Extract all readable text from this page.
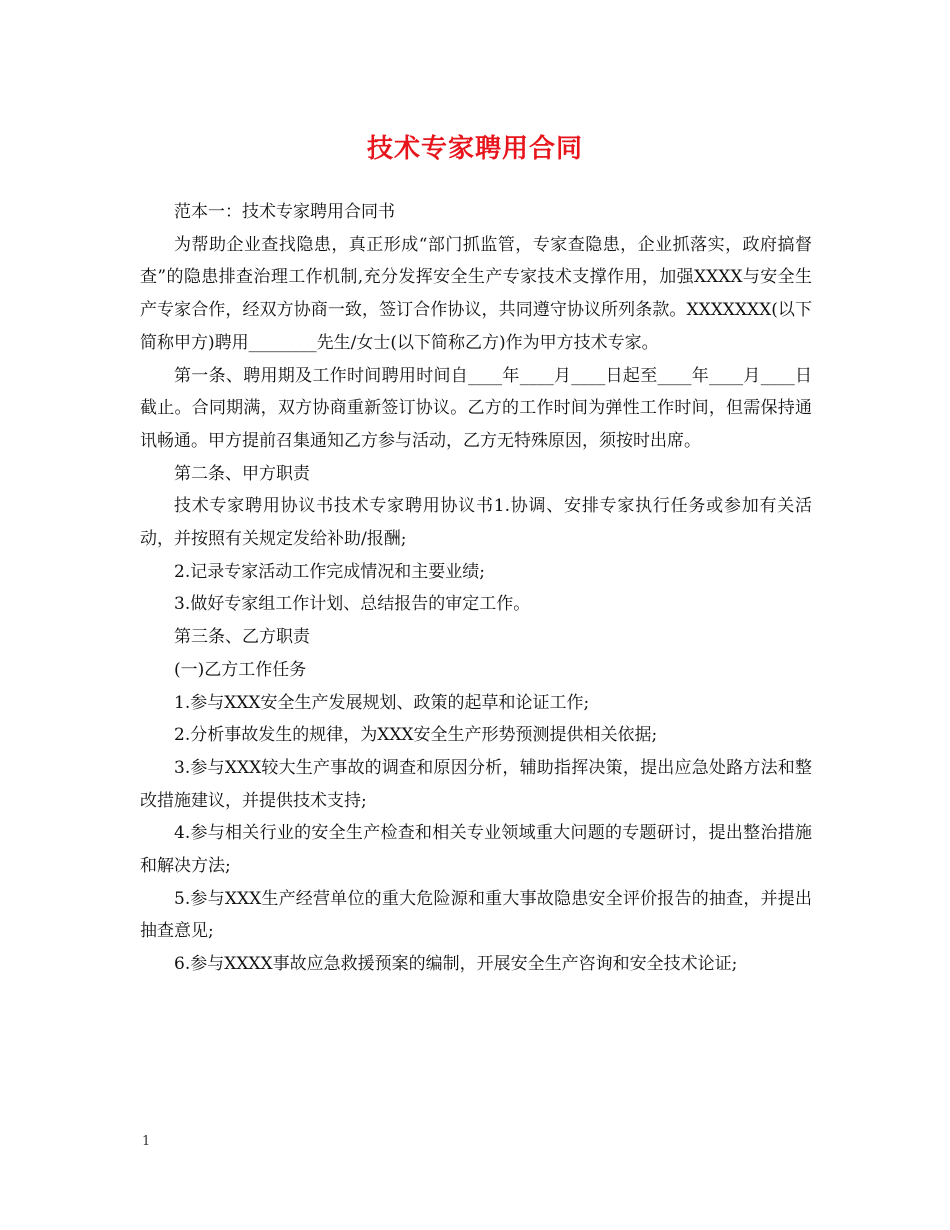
技术专家聘用合同

范本一：技术专家聘用合同书

为帮助企业查找隐患，真正形成“部门抓监管，专家查隐患，企业抓落实，政府搞督查”的隐患排查治理工作机制,充分发挥安全生产专家技术支撑作用，加强XXXX与安全生产专家合作，经双方协商一致，签订合作协议，共同遵守协议所列条款。XXXXXXX(以下简称甲方)聘用________先生/女士(以下简称乙方)作为甲方技术专家。

第一条、聘用期及工作时间聘用时间自____年____月____日起至____年____月____日截止。合同期满，双方协商重新签订协议。乙方的工作时间为弹性工作时间，但需保持通讯畅通。甲方提前召集通知乙方参与活动，乙方无特殊原因，须按时出席。

第二条、甲方职责

技术专家聘用协议书技术专家聘用协议书1.协调、安排专家执行任务或参加有关活动，并按照有关规定发给补助/报酬;

2.记录专家活动工作完成情况和主要业绩;

3.做好专家组工作计划、总结报告的审定工作。

第三条、乙方职责

(一)乙方工作任务

1.参与XXX安全生产发展规划、政策的起草和论证工作;

2.分析事故发生的规律，为XXX安全生产形势预测提供相关依据;

3.参与XXX较大生产事故的调查和原因分析，辅助指挥决策，提出应急处路方法和整改措施建议，并提供技术支持;

4.参与相关行业的安全生产检查和相关专业领域重大问题的专题研讨，提出整治措施和解决方法;

5.参与XXX生产经营单位的重大危险源和重大事故隐患安全评价报告的抽查，并提出抽查意见;

6.参与XXXX事故应急救援预案的编制，开展安全生产咨询和安全技术论证;

1
